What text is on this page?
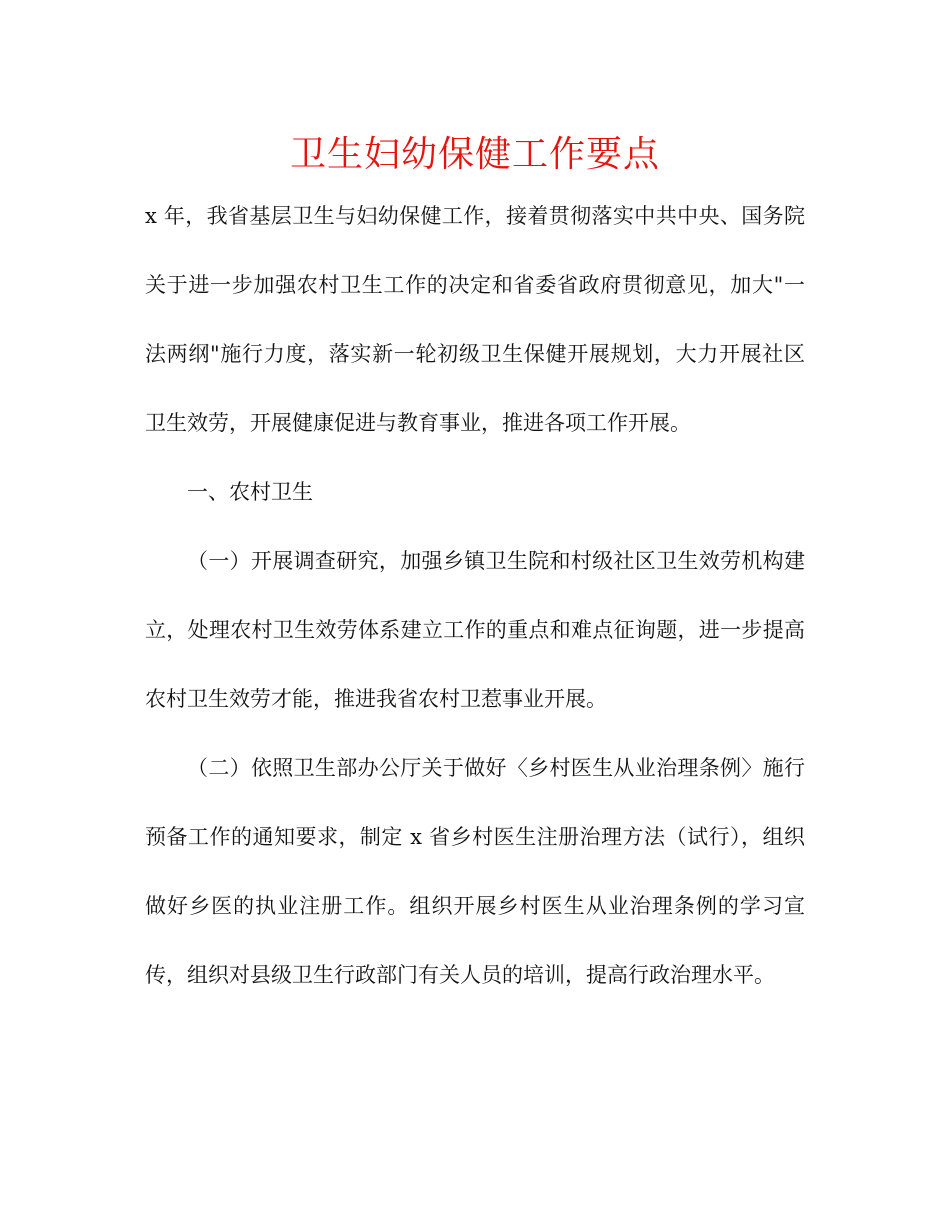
卫生妇幼保健工作要点

x 年，我省基层卫生与妇幼保健工作，接着贯彻落实中共中央、国务院关于进一步加强农村卫生工作的决定和省委省政府贯彻意见，加大"一法两纲"施行力度，落实新一轮初级卫生保健开展规划，大力开展社区卫生效劳，开展健康促进与教育事业，推进各项工作开展。

一、农村卫生

（一）开展调查研究，加强乡镇卫生院和村级社区卫生效劳机构建立，处理农村卫生效劳体系建立工作的重点和难点征询题，进一步提高农村卫生效劳才能，推进我省农村卫惹事业开展。

（二）依照卫生部办公厅关于做好〈乡村医生从业治理条例〉施行预备工作的通知要求，制定 x 省乡村医生注册治理方法（试行），组织做好乡医的执业注册工作。组织开展乡村医生从业治理条例的学习宣传，组织对县级卫生行政部门有关人员的培训，提高行政治理水平。
